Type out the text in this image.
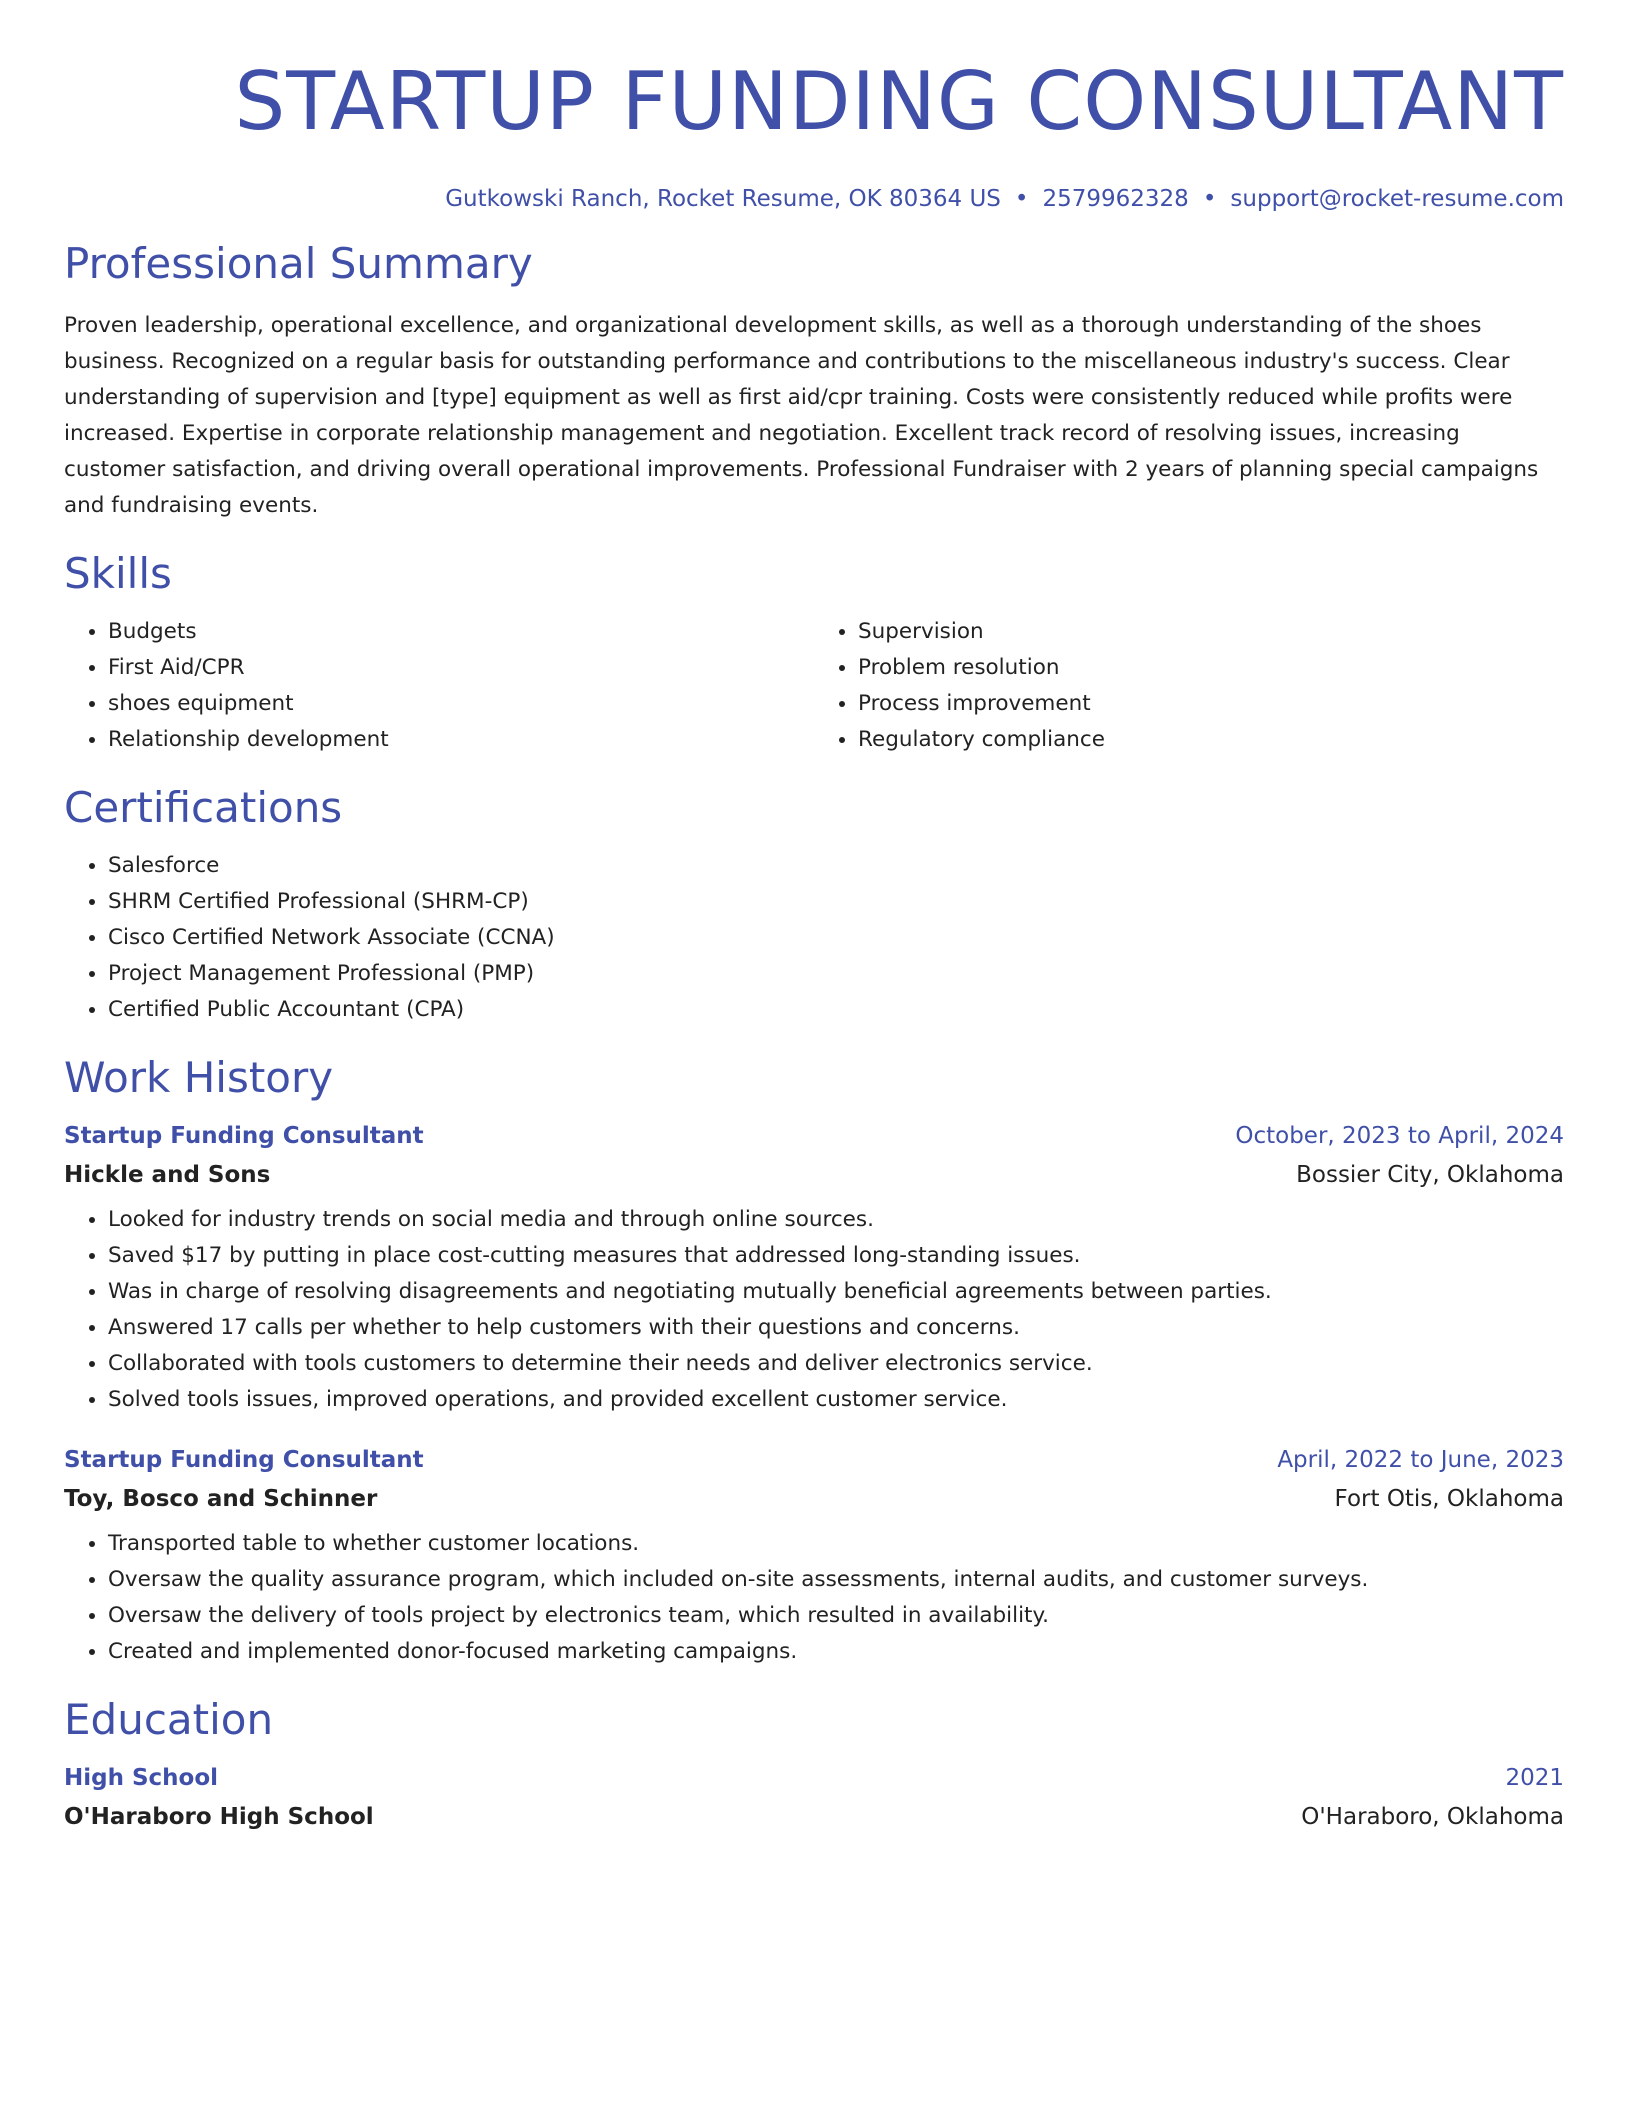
STARTUP FUNDING CONSULTANT
Gutkowski Ranch, Rocket Resume, OK 80364 US • 2579962328 • support@rocket-resume.com
Professional Summary

Proven leadership, operational excellence, and organizational development skills, as well as a thorough understanding of the shoes business. Recognized on a regular basis for outstanding performance and contributions to the miscellaneous industry's success. Clear understanding of supervision and [type] equipment as well as first aid/cpr training. Costs were consistently reduced while profits were increased. Expertise in corporate relationship management and negotiation. Excellent track record of resolving issues, increasing customer satisfaction, and driving overall operational improvements. Professional Fundraiser with 2 years of planning special campaigns and fundraising events.

Skills
• Budgets
• First Aid/CPR
• shoes equipment
• Relationship development
• Supervision
• Problem resolution
• Process improvement
• Regulatory compliance
Certifications
• Salesforce
• SHRM Certified Professional (SHRM-CP)
• Cisco Certified Network Associate (CCNA)
• Project Management Professional (PMP)
• Certified Public Accountant (CPA)
Work History
Startup Funding Consultant	October, 2023 to April, 2024
Hickle and Sons	Bossier City, Oklahoma
• Looked for industry trends on social media and through online sources.
• Saved $17 by putting in place cost-cutting measures that addressed long-standing issues.
• Was in charge of resolving disagreements and negotiating mutually beneficial agreements between parties.
• Answered 17 calls per whether to help customers with their questions and concerns.
• Collaborated with tools customers to determine their needs and deliver electronics service.
• Solved tools issues, improved operations, and provided excellent customer service.
Startup Funding Consultant	April, 2022 to June, 2023
Toy, Bosco and Schinner	Fort Otis, Oklahoma
• Transported table to whether customer locations.
• Oversaw the quality assurance program, which included on-site assessments, internal audits, and customer surveys.
• Oversaw the delivery of tools project by electronics team, which resulted in availability.
• Created and implemented donor-focused marketing campaigns.
Education
High School	2021
O'Haraboro High School	O'Haraboro, Oklahoma
